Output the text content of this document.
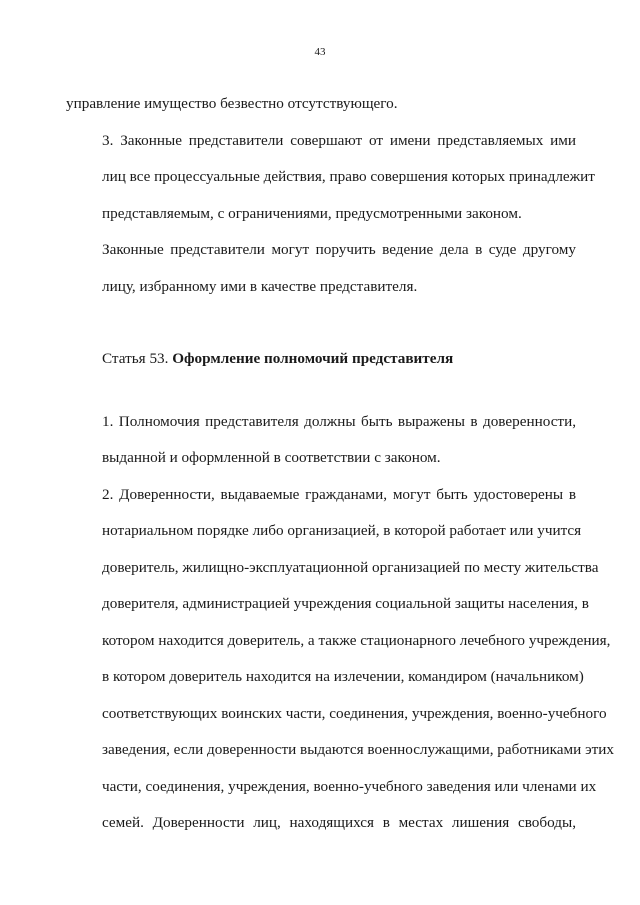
43

управление имущество безвестно отсутствующего.

3. Законные представители совершают от имени представляемых ими
лиц все процессуальные действия, право совершения которых принадлежит
представляемым, с ограничениями, предусмотренными законом.

Законные представители могут поручить ведение дела в суде другому
лицу, избранному ими в качестве представителя.

Статья 53. Оформление полномочий представителя

1. Полномочия представителя должны быть выражены в доверенности,
выданной и оформленной в соответствии с законом.

2. Доверенности, выдаваемые гражданами, могут быть удостоверены в
нотариальном порядке либо организацией, в которой работает или учится
доверитель, жилищно-эксплуатационной организацией по месту жительства
доверителя, администрацией учреждения социальной защиты населения, в
котором находится доверитель, а также стационарного лечебного учреждения,
в котором доверитель находится на излечении, командиром (начальником)
соответствующих воинских части, соединения, учреждения, военно-учебного
заведения, если доверенности выдаются военнослужащими, работниками этих
части, соединения, учреждения, военно-учебного заведения или членами их
семей. Доверенности лиц, находящихся в местах лишения свободы,
